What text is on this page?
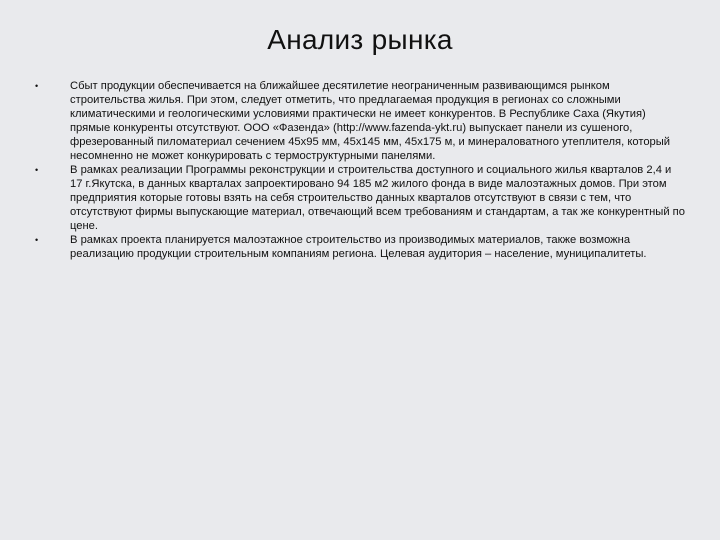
Анализ рынка
•	Сбыт продукции обеспечивается на ближайшее десятилетие неограниченным развивающимся рынком строительства жилья. При этом, следует отметить, что предлагаемая продукция в регионах со сложными климатическими и геологическими условиями практически не имеет конкурентов. В Республике Саха (Якутия) прямые конкуренты отсутствуют. ООО «Фазенда» (http://www.fazenda-ykt.ru) выпускает панели из сушеного, фрезерованный пиломатериал сечением 45х95 мм, 45х145 мм, 45х175 м, и минераловатного утеплителя, который несомненно не может конкурировать с термоструктурными панелями.
•	В рамках реализации Программы реконструкции и строительства доступного и социального жилья кварталов 2,4 и 17 г.Якутска, в данных кварталах запроектировано 94 185 м2 жилого фонда в виде малоэтажных домов. При этом предприятия которые готовы взять на себя строительство данных кварталов отсутствуют в связи с тем, что отсутствуют фирмы выпускающие материал, отвечающий всем требованиям и стандартам, а так же конкурентный по цене.
•	В рамках проекта планируется малоэтажное строительство из производимых материалов, также возможна реализацию продукции строительным компаниям региона. Целевая аудитория – население, муниципалитеты.
